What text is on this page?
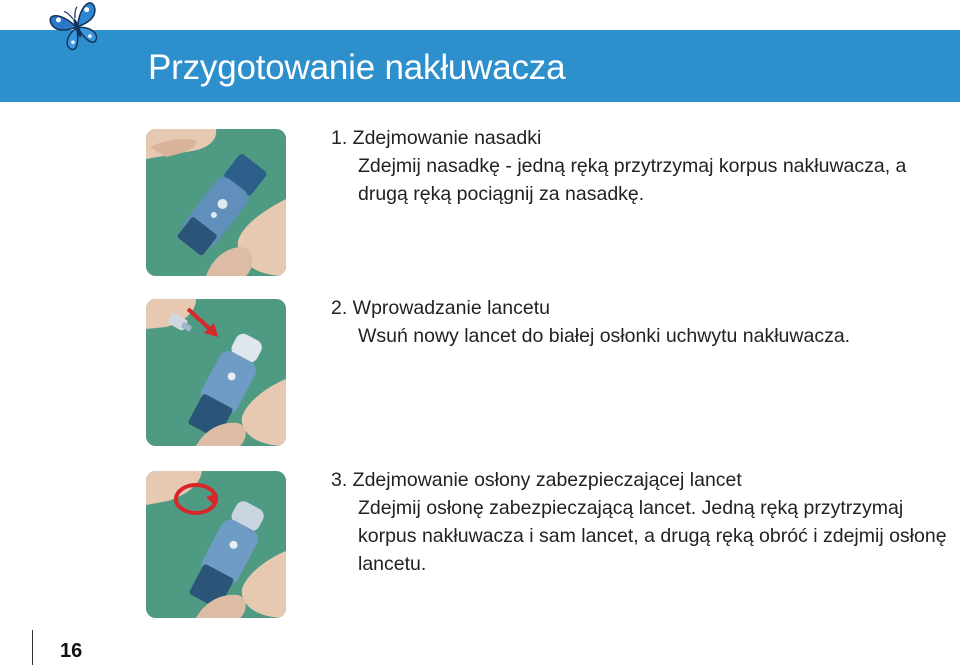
Przygotowanie nakłuwacza
1. Zdejmowanie nasadki
Zdejmij nasadkę - jedną ręką przytrzymaj korpus nakłuwacza, a drugą ręką pociągnij za nasadkę.
2. Wprowadzanie lancetu
Wsuń nowy lancet do białej osłonki uchwytu nakłuwacza.
3. Zdejmowanie osłony zabezpieczającej lancet
Zdejmij osłonę zabezpieczającą lancet. Jedną ręką przytrzymaj korpus nakłuwacza i sam lancet, a drugą ręką obróć i zdejmij osłonę lancetu.
16
